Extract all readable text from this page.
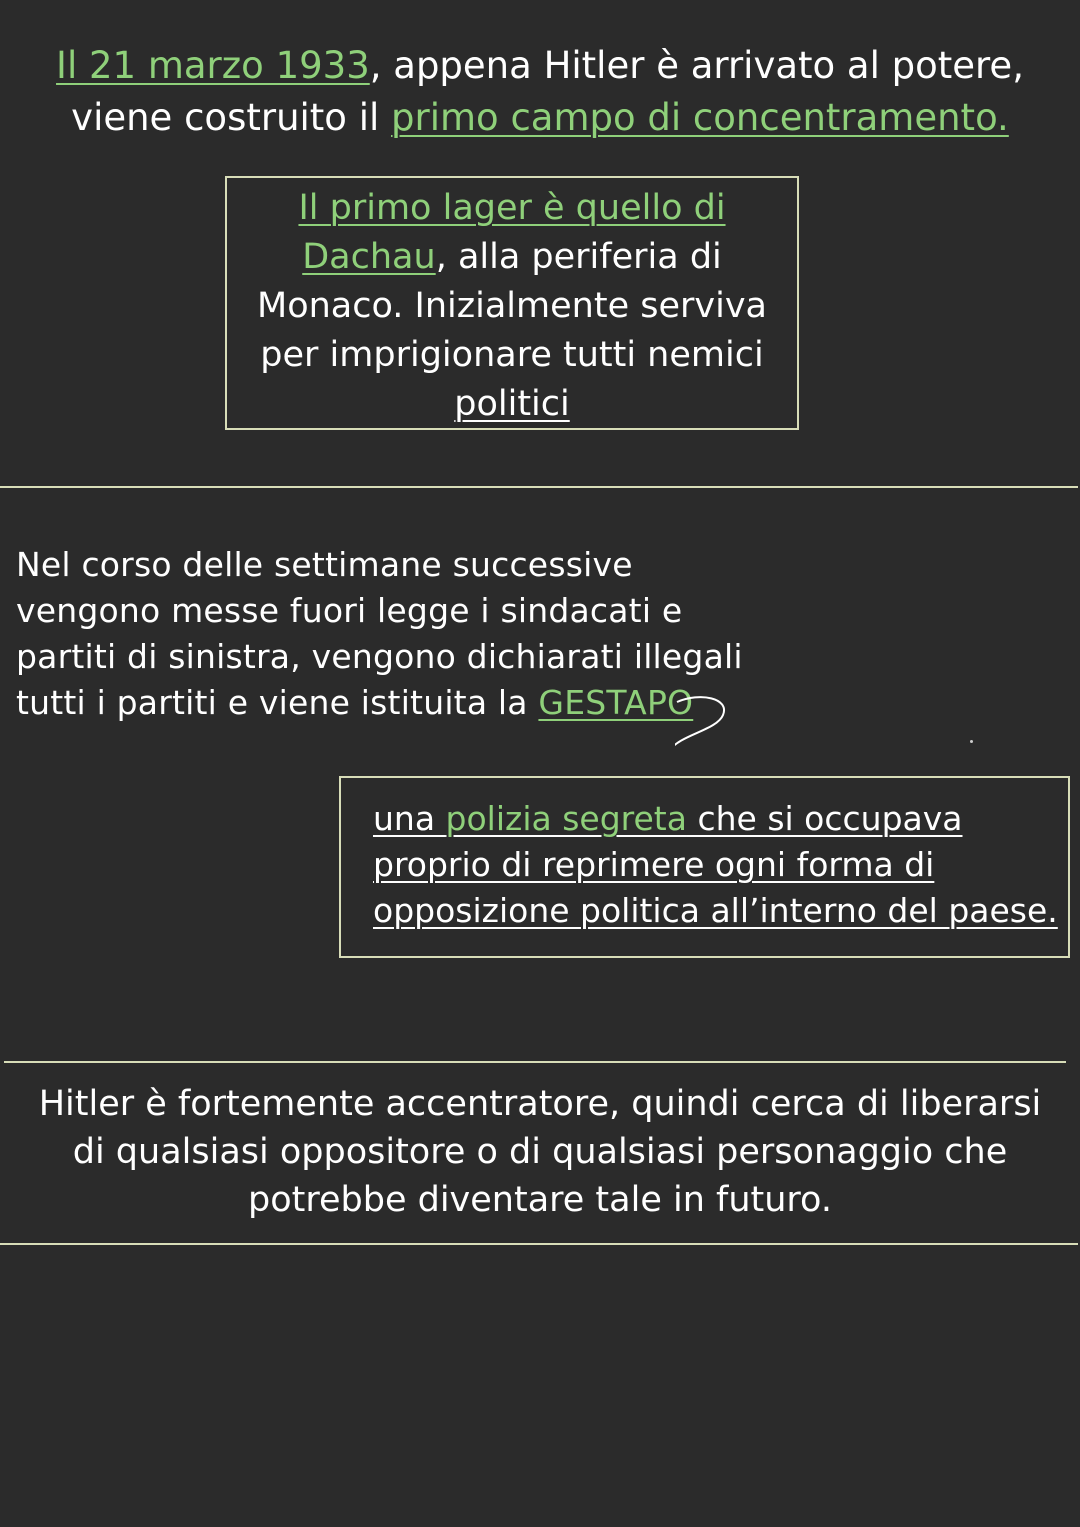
Il 21 marzo 1933, appena Hitler è arrivato al potere,
viene costruito il primo campo di concentramento.
Il primo lager è quello di
Dachau, alla periferia di
Monaco. Inizialmente serviva
per imprigionare tutti nemici
politici
Nel corso delle settimane successive
vengono messe fuori legge i sindacati e
partiti di sinistra, vengono dichiarati illegali
tutti i partiti e viene istituita la GESTAPO
una polizia segreta che si occupava
proprio di reprimere ogni forma di
opposizione politica all’interno del paese.
Hitler è fortemente accentratore, quindi cerca di liberarsi
di qualsiasi oppositore o di qualsiasi personaggio che
potrebbe diventare tale in futuro.
